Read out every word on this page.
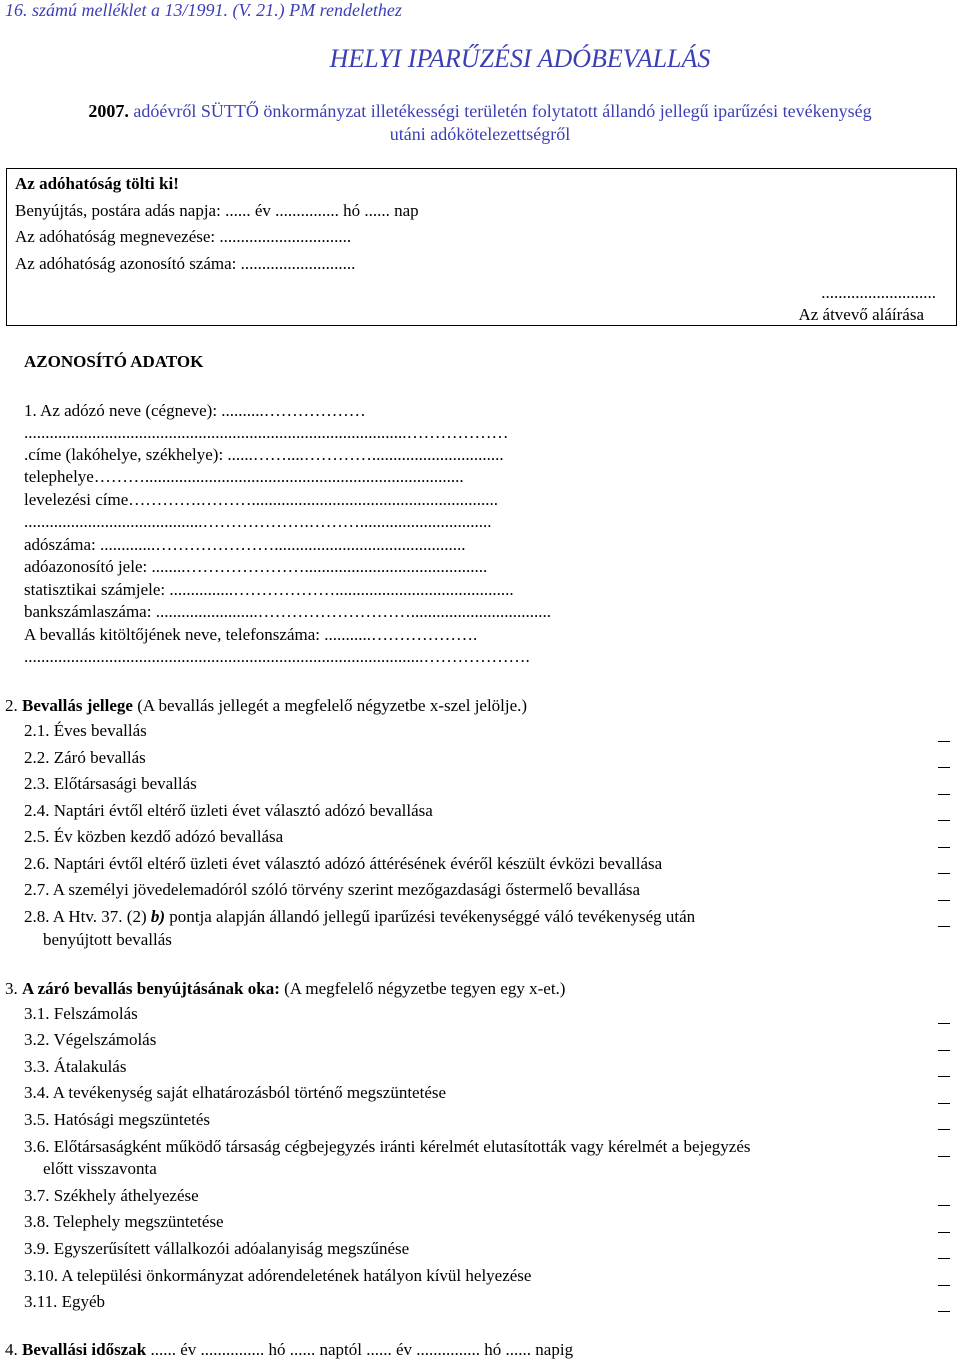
16. számú melléklet a 13/1991. (V. 21.) PM rendelethez
HELYI IPARŰZÉSI ADÓBEVALLÁS
2007. adóévről SÜTTŐ önkormányzat illetékességi területén folytatott állandó jellegű iparűzési tevékenység
utáni adókötelezettségről
Az adóhatóság tölti ki!
Benyújtás, postára adás napja: ...... év ............... hó ...... nap
Az adóhatóság megnevezése: ...............................
Az adóhatóság azonosító száma: ...........................
...........................
Az átvevő aláírása
AZONOSÍTÓ ADATOK
1. Az adózó neve (cégneve): ..........………………
..........................................................................................………………
.címe (lakóhelye, székhelye): ......……....…………...............................
telephelye………...........................................................................
levelezési címe………….………..........................................................
..........................................……………….………...............................
adószáma: .............………………….............................................
adóazonosító jele: ........…………………...........................................
statisztikai számjele: ...............………………..........................................
bankszámlaszáma: ........................……………………….................................
A bevallás kitöltőjének neve, telefonszáma: ...........……………….
..............................................................................................……………….
2. Bevallás jellege (A bevallás jellegét a megfelelő négyzetbe x-szel jelölje.)
2.1. Éves bevallás
2.2. Záró bevallás
2.3. Előtársasági bevallás
2.4. Naptári évtől eltérő üzleti évet választó adózó bevallása
2.5. Év közben kezdő adózó bevallása
2.6. Naptári évtől eltérő üzleti évet választó adózó áttérésének évéről készült évközi bevallása
2.7. A személyi jövedelemadóról szóló törvény szerint mezőgazdasági őstermelő bevallása
2.8. A Htv. 37. (2) b) pontja alapján állandó jellegű iparűzési tevékenységgé váló tevékenység után
benyújtott bevallás
3. A záró bevallás benyújtásának oka: (A megfelelő négyzetbe tegyen egy x-et.)
3.1. Felszámolás
3.2. Végelszámolás
3.3. Átalakulás
3.4. A tevékenység saját elhatározásból történő megszüntetése
3.5. Hatósági megszüntetés
3.6. Előtársaságként működő társaság cégbejegyzés iránti kérelmét elutasították vagy kérelmét a bejegyzés
előtt visszavonta
3.7. Székhely áthelyezése
3.8. Telephely megszüntetése
3.9. Egyszerűsített vállalkozói adóalanyiság megszűnése
3.10. A települési önkormányzat adórendeletének hatályon kívül helyezése
3.11. Egyéb
4. Bevallási időszak ...... év ............... hó ...... naptól ...... év ............... hó ...... napig
